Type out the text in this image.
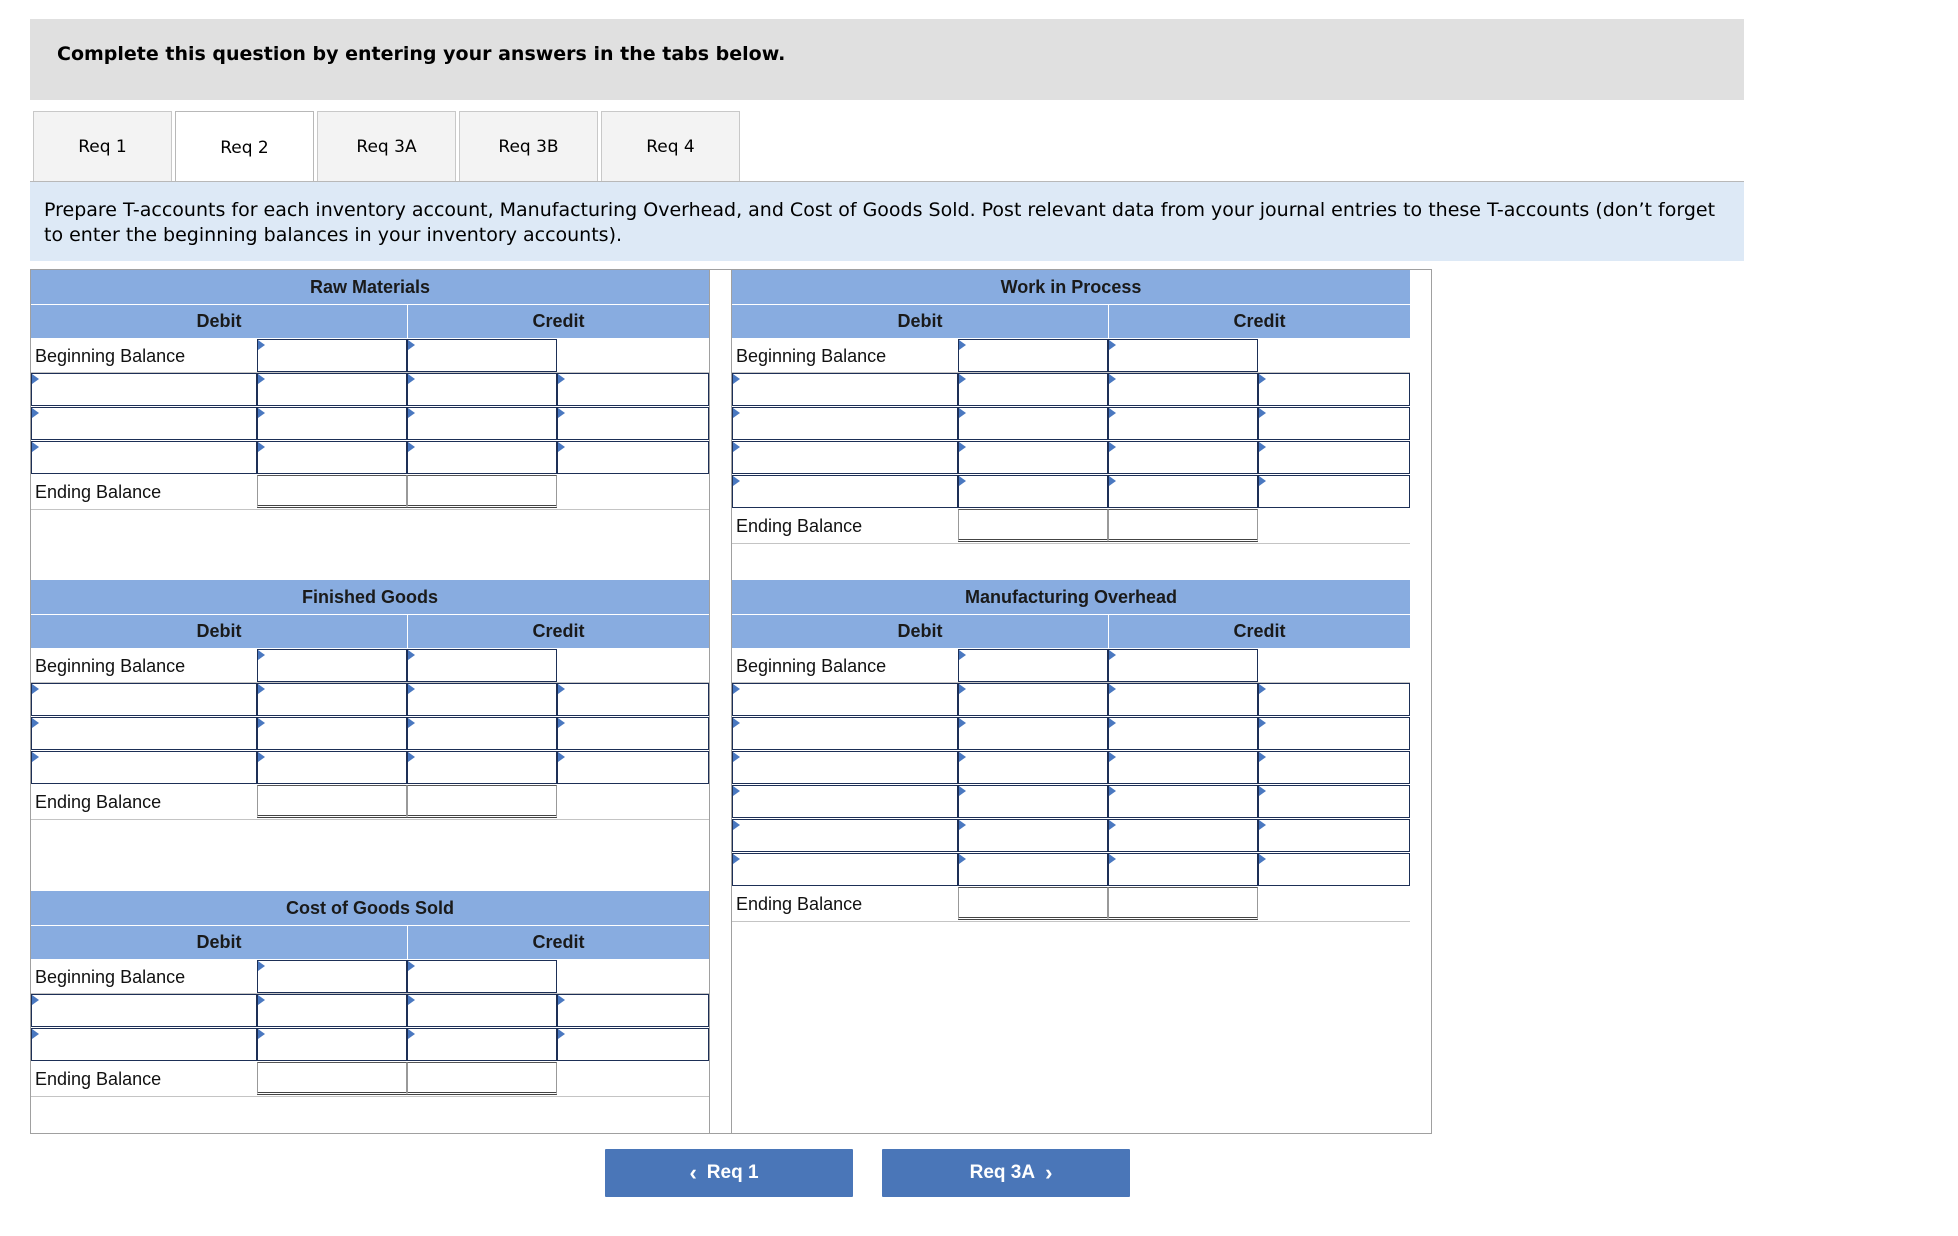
Complete this question by entering your answers in the tabs below.
Req 1	Req 2	Req 3A	Req 3B	Req 4
Prepare T-accounts for each inventory account, Manufacturing Overhead, and Cost of Goods Sold. Post relevant data from your journal entries to these T-accounts (don’t forget to enter the beginning balances in your inventory accounts).
Raw Materials
Debit	Credit
Beginning Balance
Ending Balance
Finished Goods
Debit	Credit
Beginning Balance
Ending Balance
Cost of Goods Sold
Debit	Credit
Beginning Balance
Ending Balance
Work in Process
Debit	Credit
Beginning Balance
Ending Balance
Manufacturing Overhead
Debit	Credit
Beginning Balance
Ending Balance
‹ Req 1	Req 3A ›
